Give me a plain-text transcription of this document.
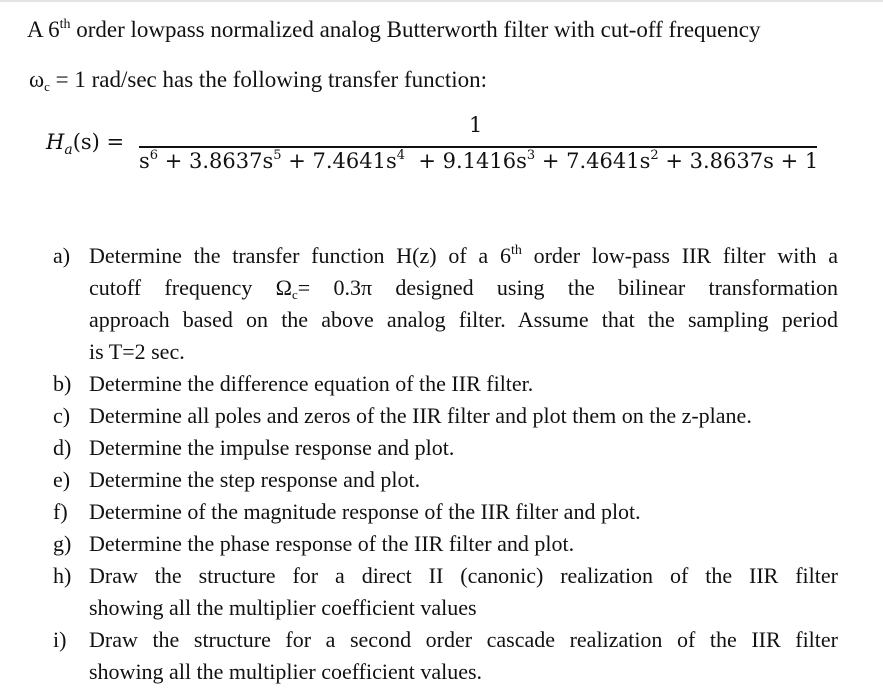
A 6th order lowpass normalized analog Butterworth filter with cut-off frequency
$\omega_c = 1$ rad/sec has the following transfer function:
$H_a(s)$ =
1
$s^6 + 3.8637s^5 + 7.4641s^4 + 9.1416s^3 + 7.4641s^2 + 3.8637s + 1$
a) Determine the transfer function H(z) of a 6th order low-pass IIR filter with a
cutoff  frequency  $\Omega_c= 0.3\pi$  designed  using  the  bilinear  transformation
approach based on the above analog filter. Assume that the sampling period
is T=2 sec.
b) Determine the difference equation of the IIR filter.
c) Determine all poles and zeros of the IIR filter and plot them on the z-plane.
d) Determine the impulse response and plot.
e) Determine the step response and plot.
f) Determine of the magnitude response of the IIR filter and plot.
g) Determine the phase response of the IIR filter and plot.
h) Draw the structure for a direct II (canonic) realization of the IIR filter
showing all the multiplier coefficient values
i) Draw the structure for a second order cascade realization of the IIR filter
showing all the multiplier coefficient values.
